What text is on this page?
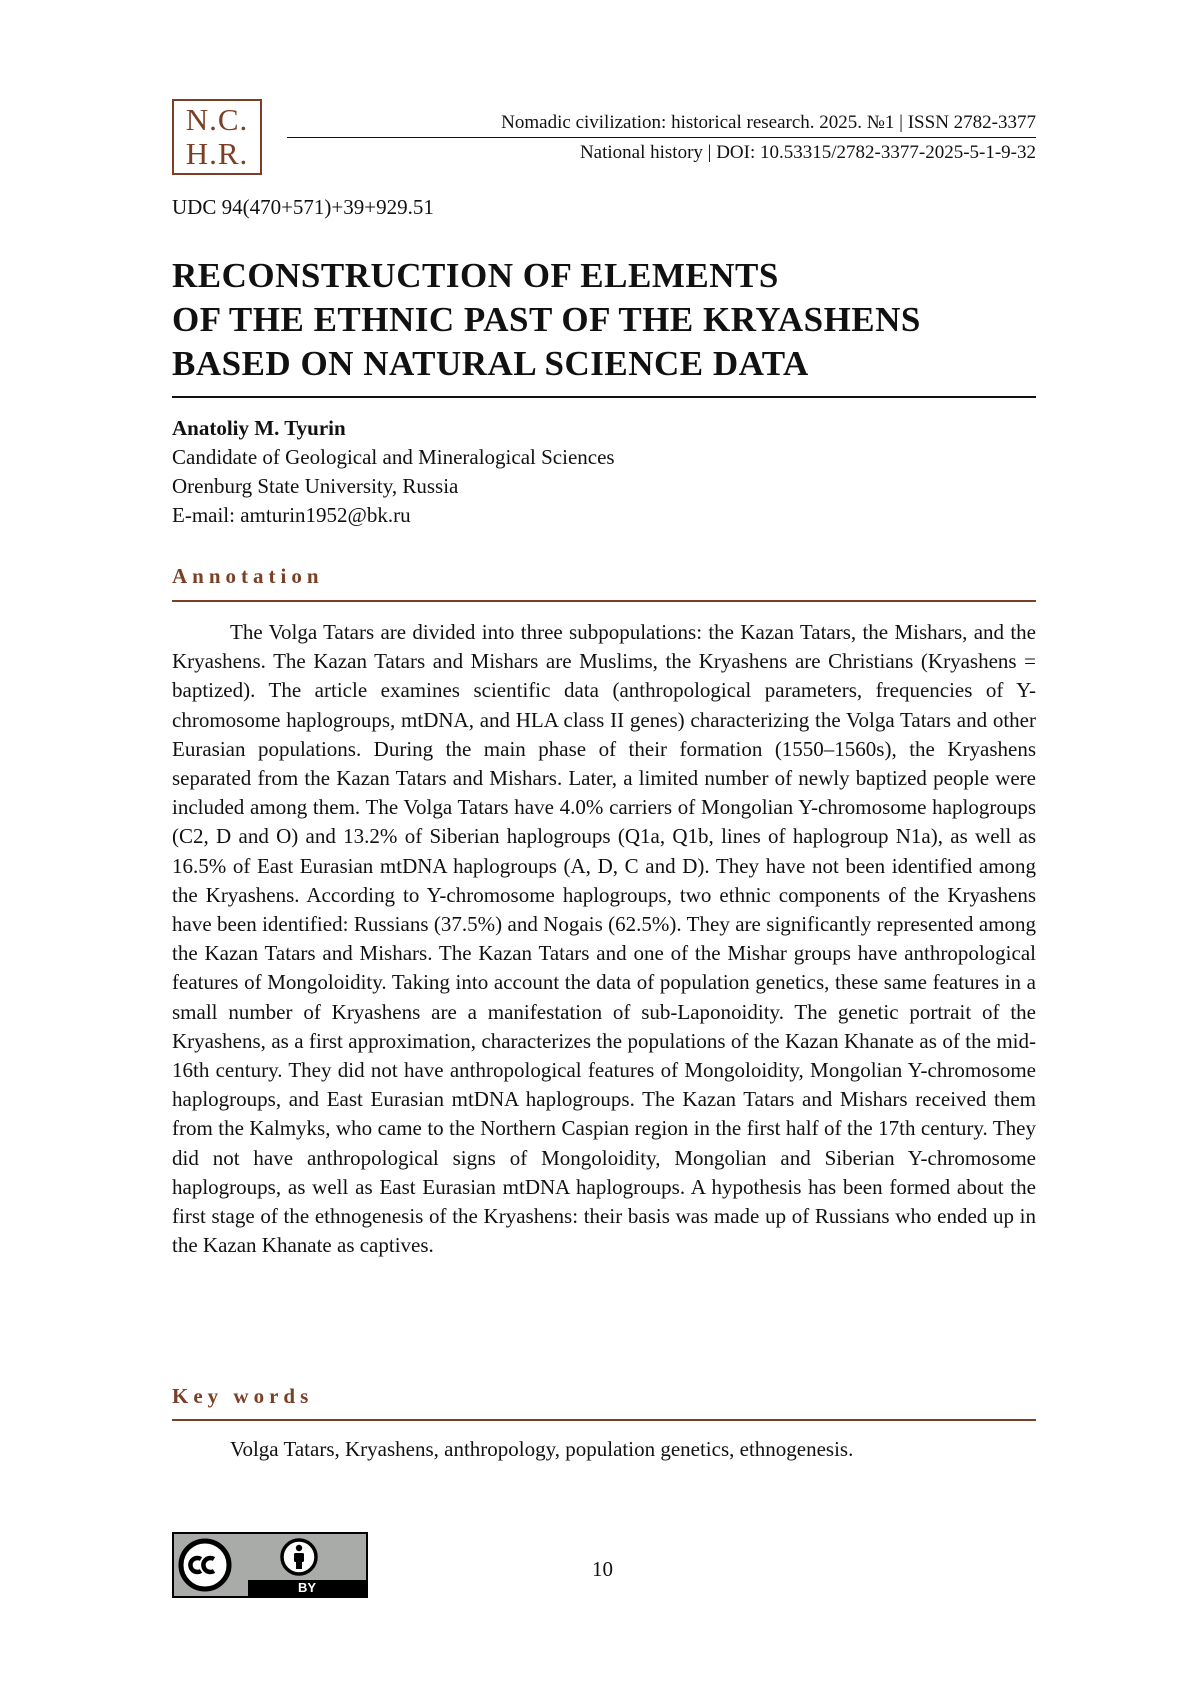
N.C.
H.R.
Nomadic civilization: historical research. 2025. №1 | ISSN 2782-3377
National history | DOI: 10.53315/2782-3377-2025-5-1-9-32
UDC 94(470+571)+39+929.51
RECONSTRUCTION OF ELEMENTS
OF THE ETHNIC PAST OF THE KRYASHENS
BASED ON NATURAL SCIENCE DATA
Anatoliy M. Tyurin
Candidate of Geological and Mineralogical Sciences
Orenburg State University, Russia
E-mail: amturin1952@bk.ru
Annotation

The Volga Tatars are divided into three subpopulations: the Kazan Tatars, the Mishars, and the Kryashens. The Kazan Tatars and Mishars are Muslims, the Kryashens are Christians (Kryashens = baptized). The article examines scientific data (anthropological parameters, frequencies of Y-chromosome haplogroups, mtDNA, and HLA class II genes) characterizing the Volga Tatars and other Eurasian populations. During the main phase of their formation (1550–1560s), the Kryashens separated from the Kazan Tatars and Mishars. Later, a limited number of newly baptized people were included among them. The Volga Tatars have 4.0% carriers of Mongolian Y-chromosome haplogroups (C2, D and O) and 13.2% of Siberian haplogroups (Q1a, Q1b, lines of haplogroup N1a), as well as 16.5% of East Eurasian mtDNA haplogroups (A, D, C and D). They have not been identified among the Kryashens. According to Y-chromosome haplogroups, two ethnic components of the Kryashens have been identified: Russians (37.5%) and Nogais (62.5%). They are significantly represented among the Kazan Tatars and Mishars. The Kazan Tatars and one of the Mishar groups have anthropological features of Mongoloidity. Taking into account the data of population genetics, these same features in a small number of Kryashens are a manifestation of sub-Laponoidity. The genetic portrait of the Kryashens, as a first approximation, characterizes the populations of the Kazan Khanate as of the mid-16th century. They did not have anthropological features of Mongoloidity, Mongolian Y-chromosome haplogroups, and East Eurasian mtDNA haplogroups. The Kazan Tatars and Mishars received them from the Kalmyks, who came to the Northern Caspian region in the first half of the 17th century. They did not have anthropological signs of Mongoloidity, Mongolian and Siberian Y-chromosome haplogroups, as well as East Eurasian mtDNA haplogroups. A hypothesis has been formed about the first stage of the ethnogenesis of the Kryashens: their basis was made up of Russians who ended up in the Kazan Khanate as captives.

Key words
Volga Tatars, Kryashens, anthropology, population genetics, ethnogenesis.
BY
10
